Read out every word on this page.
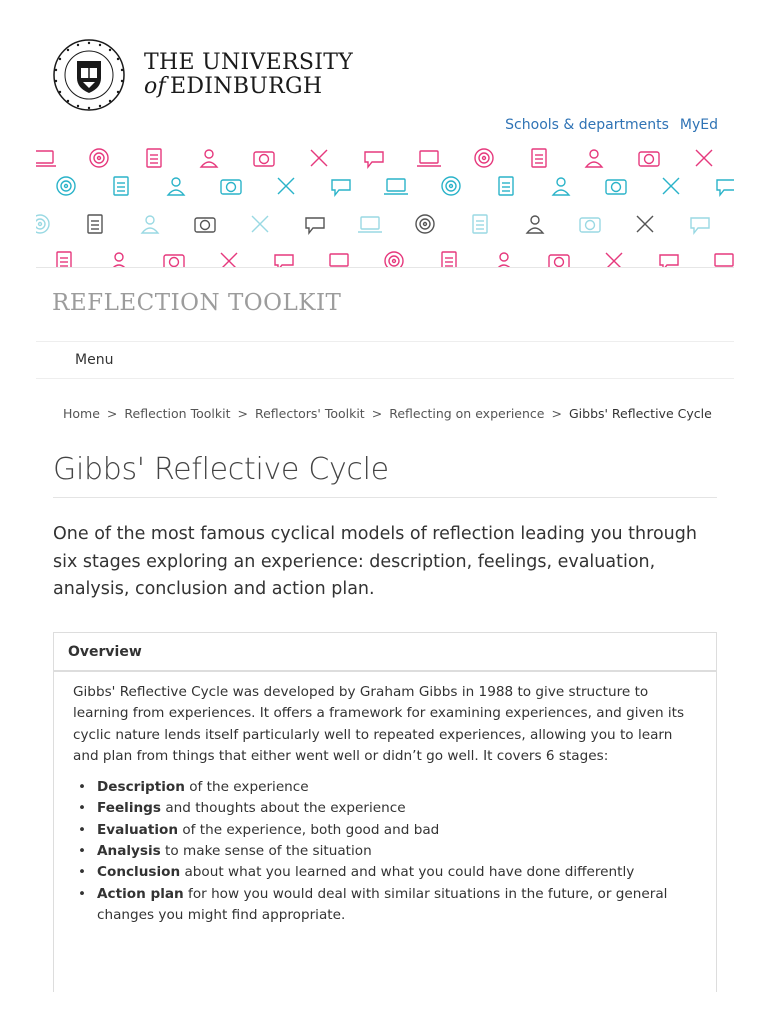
THE UNIVERSITY
of EDINBURGH
Schools & departments MyEd
REFLECTION TOOLKIT
Menu
Home > Reflection Toolkit > Reflectors' Toolkit > Reflecting on experience > Gibbs' Reflective Cycle
Gibbs' Reflective Cycle

One of the most famous cyclical models of reflection leading you through six stages exploring an experience: description, feelings, evaluation, analysis, conclusion and action plan.

Overview

Gibbs' Reflective Cycle was developed by Graham Gibbs in 1988 to give structure to learning from experiences. It offers a framework for examining experiences, and given its cyclic nature lends itself particularly well to repeated experiences, allowing you to learn and plan from things that either went well or didn’t go well. It covers 6 stages:

• Description of the experience
• Feelings and thoughts about the experience
• Evaluation of the experience, both good and bad
• Analysis to make sense of the situation
• Conclusion about what you learned and what you could have done differently
• Action plan for how you would deal with similar situations in the future, or general changes you might find appropriate.
